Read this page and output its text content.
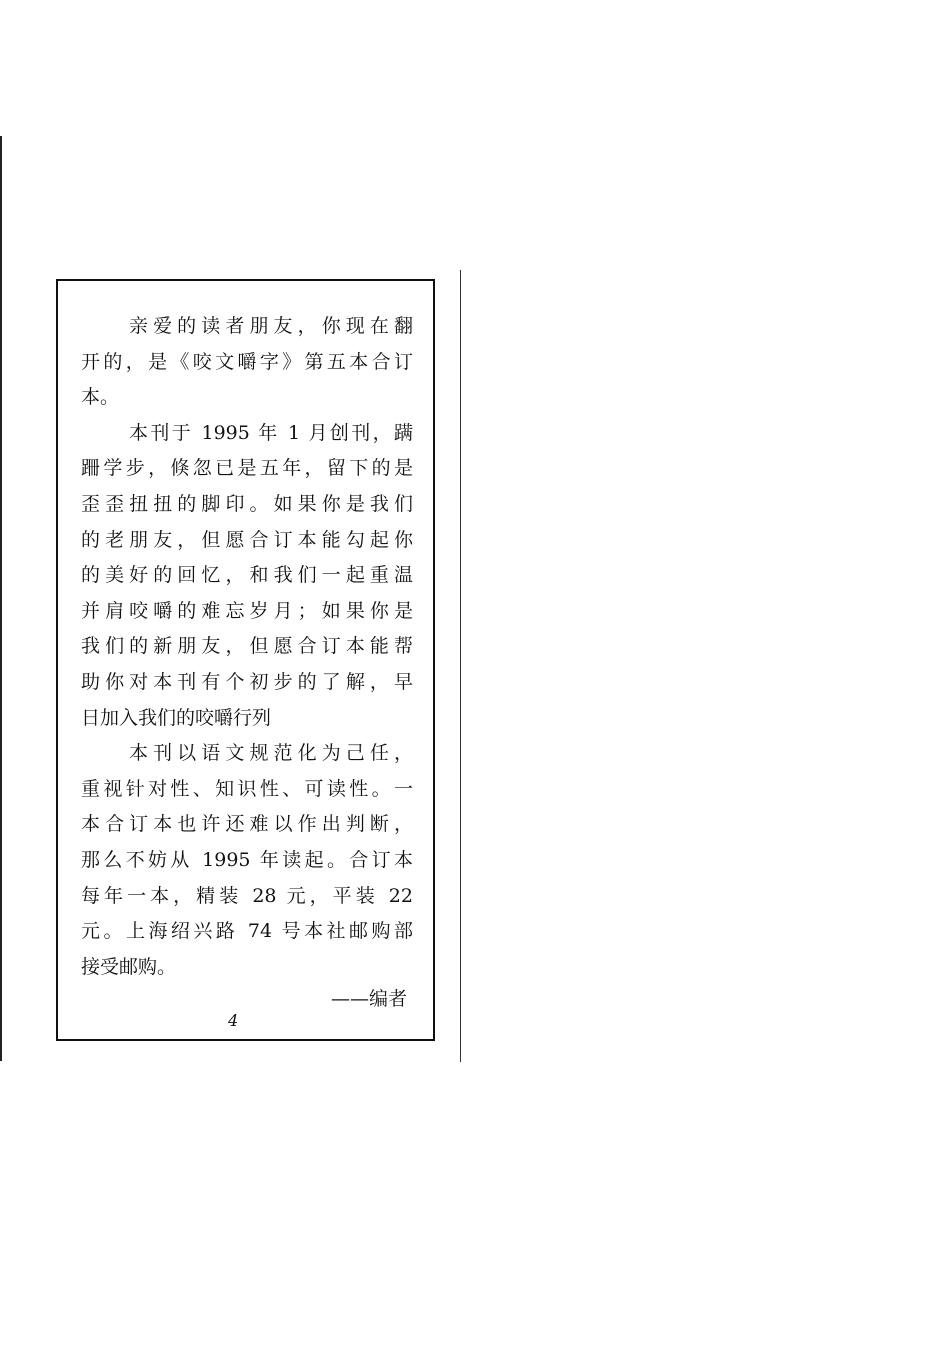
亲爱的读者朋友，你现在翻
开的，是《咬文嚼字》第五本合订
本。
本刊于 1995 年 1 月创刊，蹒
跚学步，倏忽已是五年，留下的是
歪歪扭扭的脚印。如果你是我们
的老朋友，但愿合订本能勾起你
的美好的回忆，和我们一起重温
并肩咬嚼的难忘岁月；如果你是
我们的新朋友，但愿合订本能帮
助你对本刊有个初步的了解，早
日加入我们的咬嚼行列
本刊以语文规范化为己任，
重视针对性、知识性、可读性。一
本合订本也许还难以作出判断，
那么不妨从 1995 年读起。合订本
每年一本，精装 28 元，平装 22
元。上海绍兴路 74 号本社邮购部
接受邮购。
——编者
4
